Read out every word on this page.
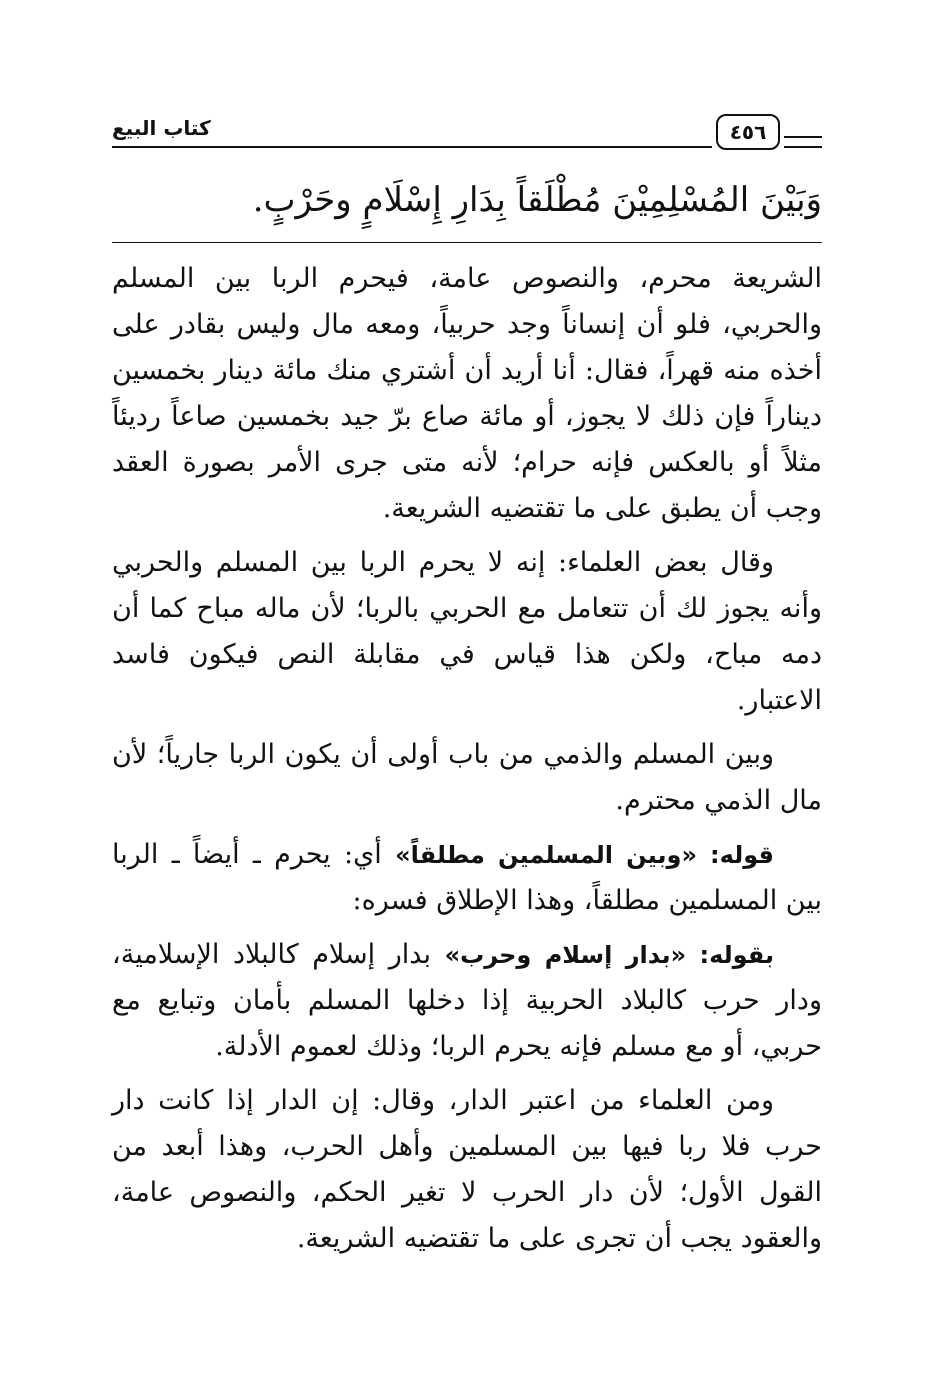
كتاب البيع	٤٥٦
وَبَيْنَ المُسْلِمِيْنَ مُطْلَقاً بِدَارِ إِسْلَامٍ وحَرْبٍ.

الشريعة محرم، والنصوص عامة، فيحرم الربا بين المسلم والحربي، فلو أن إنساناً وجد حربياً، ومعه مال وليس بقادر على أخذه منه قهراً، فقال: أنا أريد أن أشتري منك مائة دينار بخمسين ديناراً فإن ذلك لا يجوز، أو مائة صاع برّ جيد بخمسين صاعاً رديئاً مثلاً أو بالعكس فإنه حرام؛ لأنه متى جرى الأمر بصورة العقد وجب أن يطبق على ما تقتضيه الشريعة.

وقال بعض العلماء: إنه لا يحرم الربا بين المسلم والحربي وأنه يجوز لك أن تتعامل مع الحربي بالربا؛ لأن ماله مباح كما أن دمه مباح، ولكن هذا قياس في مقابلة النص فيكون فاسد الاعتبار.

وبين المسلم والذمي من باب أولى أن يكون الربا جارياً؛ لأن مال الذمي محترم.

قوله: «وبين المسلمين مطلقاً» أي: يحرم ـ أيضاً ـ الربا بين المسلمين مطلقاً، وهذا الإطلاق فسره:

بقوله: «بدار إسلام وحرب» بدار إسلام كالبلاد الإسلامية، ودار حرب كالبلاد الحربية إذا دخلها المسلم بأمان وتبايع مع حربي، أو مع مسلم فإنه يحرم الربا؛ وذلك لعموم الأدلة.

ومن العلماء من اعتبر الدار، وقال: إن الدار إذا كانت دار حرب فلا ربا فيها بين المسلمين وأهل الحرب، وهذا أبعد من القول الأول؛ لأن دار الحرب لا تغير الحكم، والنصوص عامة، والعقود يجب أن تجرى على ما تقتضيه الشريعة.
